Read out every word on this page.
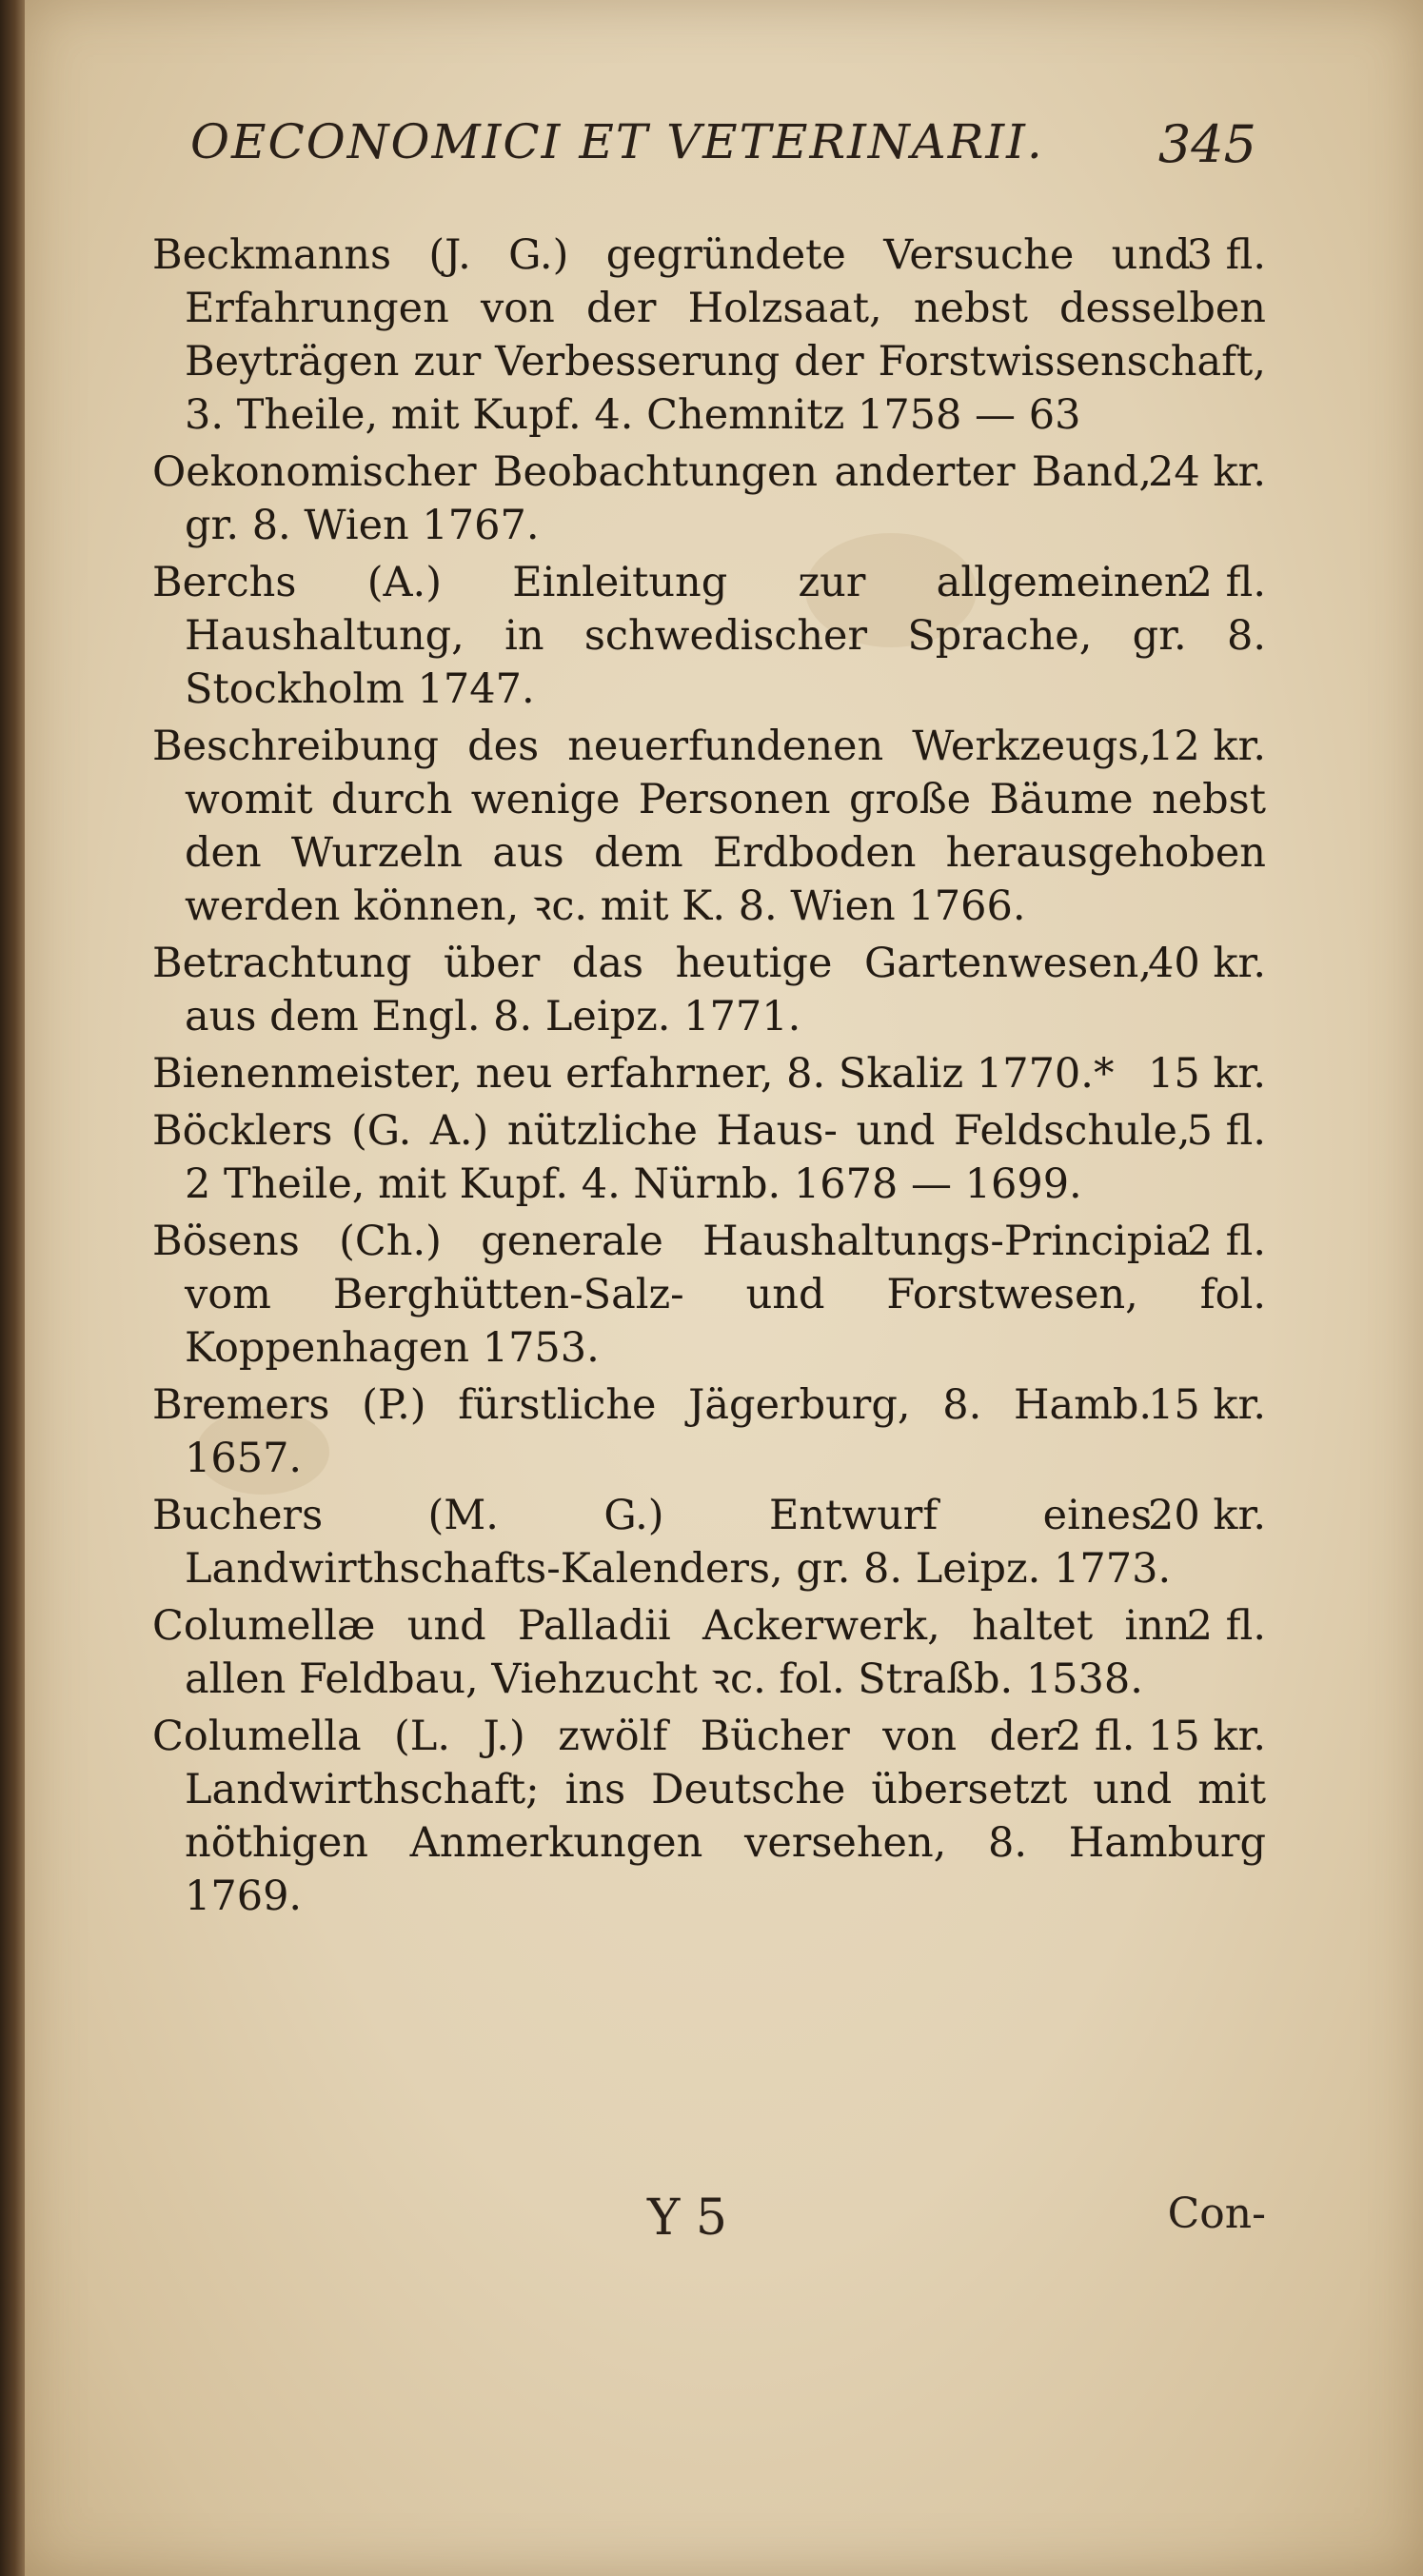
OECONOMICI ET VETERINARII. 345
3 fl.
Beckmanns (J. G.) gegründete Versuche und Erfahrungen von der Holzsaat, nebst desselben Beyträgen zur Verbesserung der Forstwissenschaft, 3. Theile, mit Kupf. 4. Chemnitz 1758 — 63
24 kr.
Oekonomischer Beobachtungen anderter Band, gr. 8. Wien 1767.
2 fl.
Berchs (A.) Einleitung zur allgemeinen Haushaltung, in schwedischer Sprache, gr. 8. Stockholm 1747.
12 kr.
Beschreibung des neuerfundenen Werkzeugs, womit durch wenige Personen große Bäume nebst den Wurzeln aus dem Erdboden herausgehoben werden können, ꝛc. mit K. 8. Wien 1766.
40 kr.
Betrachtung über das heutige Gartenwesen, aus dem Engl. 8. Leipz. 1771.
15 kr.
Bienenmeister, neu erfahrner, 8. Skaliz 1770.*
5 fl.
Böcklers (G. A.) nützliche Haus- und Feldschule, 2 Theile, mit Kupf. 4. Nürnb. 1678 — 1699.
2 fl.
Bösens (Ch.) generale Haushaltungs-Principia vom Berghütten-Salz- und Forstwesen, fol. Koppenhagen 1753.
15 kr.
Bremers (P.) fürstliche Jägerburg, 8. Hamb. 1657.
20 kr.
Buchers (M. G.) Entwurf eines Landwirthschafts-Kalenders, gr. 8. Leipz. 1773.
2 fl.
Columellæ und Palladii Ackerwerk, haltet inn allen Feldbau, Viehzucht ꝛc. fol. Straßb. 1538.
2 fl. 15 kr.
Columella (L. J.) zwölf Bücher von der Landwirthschaft; ins Deutsche übersetzt und mit nöthigen Anmerkungen versehen, 8. Hamburg 1769.
Y 5	Con-
